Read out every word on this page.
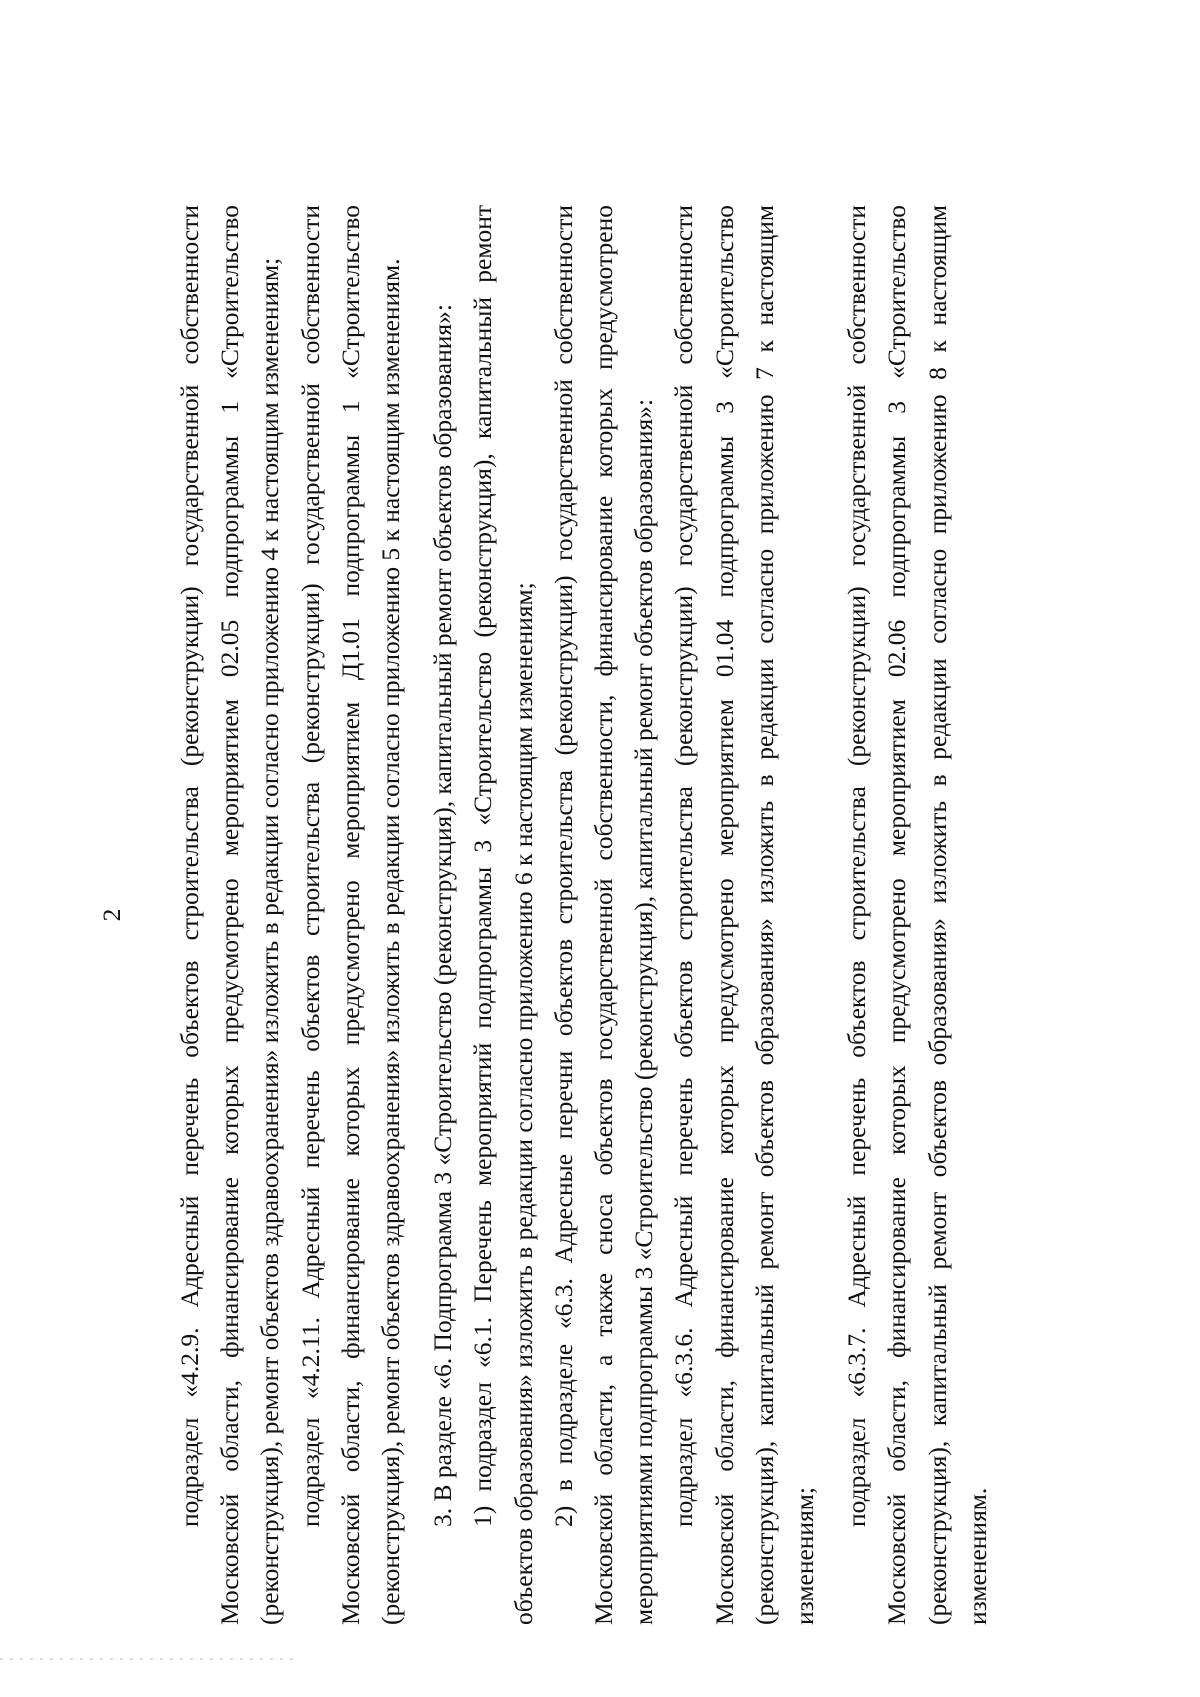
2 подраздел «4.2.9. Адресный перечень объектов строительства (реконструкции) государственной собственности Московской области, финансирование которых предусмотрено мероприятием 02.05 подпрограммы 1 «Строительство (реконструкция), ремонт объектов здравоохранения» изложить в редакции согласно приложению 4 к настоящим изменениям; подраздел «4.2.11. Адресный перечень объектов строительства (реконструкции) государственной собственности Московской области, финансирование которых предусмотрено мероприятием Д1.01 подпрограммы 1 «Строительство (реконструкция), ремонт объектов здравоохранения» изложить в редакции согласно приложению 5 к настоящим изменениям. 3. В разделе «6. Подпрограмма 3 «Строительство (реконструкция), капитальный ремонт объектов образования»: 1) подраздел «6.1. Перечень мероприятий подпрограммы 3 «Строительство (реконструкция), капитальный ремонт объектов образования» изложить в редакции согласно приложению 6 к настоящим изменениям; 2) в подразделе «6.3. Адресные перечни объектов строительства (реконструкции) государственной собственности Московской области, а также сноса объектов государственной собственности, финансирование которых предусмотрено мероприятиями подпрограммы 3 «Строительство (реконструкция), капитальный ремонт объектов образования»: подраздел «6.3.6. Адресный перечень объектов строительства (реконструкции) государственной собственности Московской области, финансирование которых предусмотрено мероприятием 01.04 подпрограммы 3 «Строительство (реконструкция), капитальный ремонт объектов образования» изложить в редакции согласно приложению 7 к настоящим изменениям;

подраздел «6.3.7. Адресный перечень объектов строительства (реконструкции) государственной собственности Московской области, финансирование которых предусмотрено мероприятием 02.06 подпрограммы 3 «Строительство (реконструкция), капитальный ремонт объектов образования» изложить в редакции согласно приложению 8 к настоящим изменениям.
